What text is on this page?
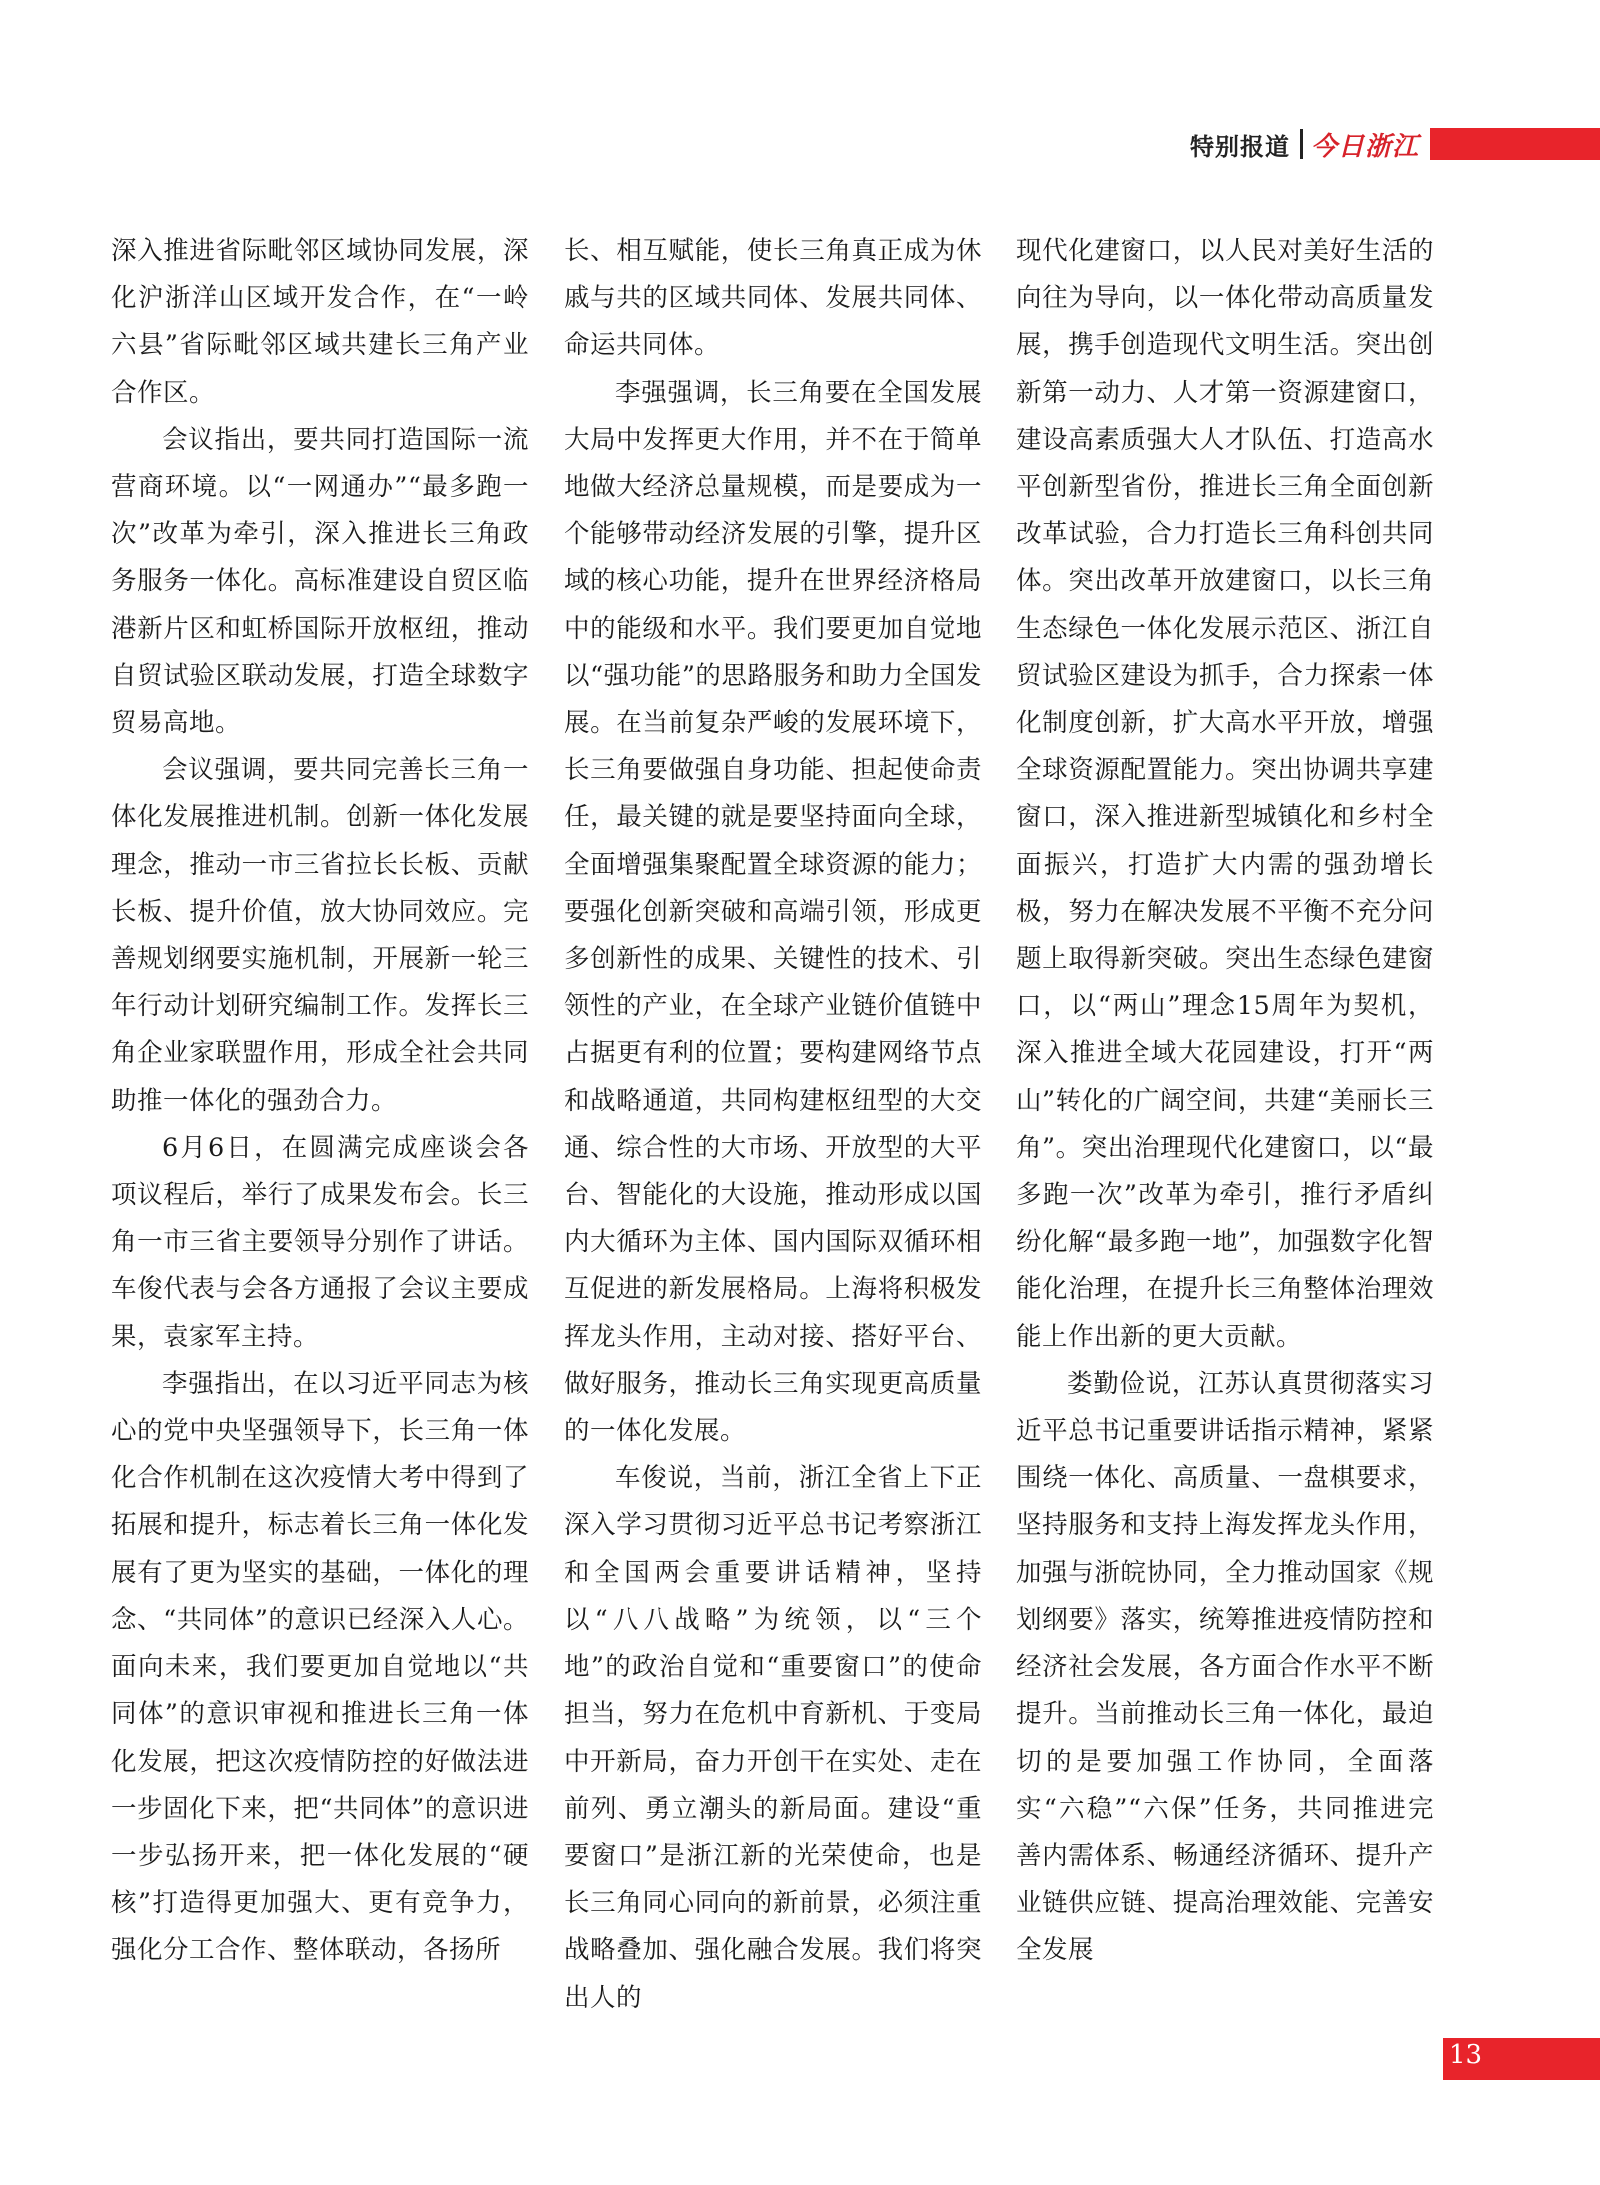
特别报道 今日浙江

深入推进省际毗邻区域协同发展，深化沪浙洋山区域开发合作，在“一岭六县”省际毗邻区域共建长三角产业合作区。

会议指出，要共同打造国际一流营商环境。以“一网通办”“最多跑一次”改革为牵引，深入推进长三角政务服务一体化。高标准建设自贸区临港新片区和虹桥国际开放枢纽，推动自贸试验区联动发展，打造全球数字贸易高地。

会议强调，要共同完善长三角一体化发展推进机制。创新一体化发展理念，推动一市三省拉长长板、贡献长板、提升价值，放大协同效应。完善规划纲要实施机制，开展新一轮三年行动计划研究编制工作。发挥长三角企业家联盟作用，形成全社会共同助推一体化的强劲合力。

6月6日，在圆满完成座谈会各项议程后，举行了成果发布会。长三角一市三省主要领导分别作了讲话。车俊代表与会各方通报了会议主要成果，袁家军主持。

李强指出，在以习近平同志为核心的党中央坚强领导下，长三角一体化合作机制在这次疫情大考中得到了拓展和提升，标志着长三角一体化发展有了更为坚实的基础，一体化的理念、“共同体”的意识已经深入人心。面向未来，我们要更加自觉地以“共同体”的意识审视和推进长三角一体化发展，把这次疫情防控的好做法进一步固化下来，把“共同体”的意识进一步弘扬开来，把一体化发展的“硬核”打造得更加强大、更有竞争力，强化分工合作、整体联动，各扬所

长、相互赋能，使长三角真正成为休戚与共的区域共同体、发展共同体、命运共同体。

李强强调，长三角要在全国发展大局中发挥更大作用，并不在于简单地做大经济总量规模，而是要成为一个能够带动经济发展的引擎，提升区域的核心功能，提升在世界经济格局中的能级和水平。我们要更加自觉地以“强功能”的思路服务和助力全国发展。在当前复杂严峻的发展环境下，长三角要做强自身功能、担起使命责任，最关键的就是要坚持面向全球，全面增强集聚配置全球资源的能力；要强化创新突破和高端引领，形成更多创新性的成果、关键性的技术、引领性的产业，在全球产业链价值链中占据更有利的位置；要构建网络节点和战略通道，共同构建枢纽型的大交通、综合性的大市场、开放型的大平台、智能化的大设施，推动形成以国内大循环为主体、国内国际双循环相互促进的新发展格局。上海将积极发挥龙头作用，主动对接、搭好平台、做好服务，推动长三角实现更高质量的一体化发展。

车俊说，当前，浙江全省上下正深入学习贯彻习近平总书记考察浙江和全国两会重要讲话精神，坚持以“八八战略”为统领，以“三个地”的政治自觉和“重要窗口”的使命担当，努力在危机中育新机、于变局中开新局，奋力开创干在实处、走在前列、勇立潮头的新局面。建设“重要窗口”是浙江新的光荣使命，也是长三角同心同向的新前景，必须注重战略叠加、强化融合发展。我们将突出人的

现代化建窗口，以人民对美好生活的向往为导向，以一体化带动高质量发展，携手创造现代文明生活。突出创新第一动力、人才第一资源建窗口，建设高素质强大人才队伍、打造高水平创新型省份，推进长三角全面创新改革试验，合力打造长三角科创共同体。突出改革开放建窗口，以长三角生态绿色一体化发展示范区、浙江自贸试验区建设为抓手，合力探索一体化制度创新，扩大高水平开放，增强全球资源配置能力。突出协调共享建窗口，深入推进新型城镇化和乡村全面振兴，打造扩大内需的强劲增长极，努力在解决发展不平衡不充分问题上取得新突破。突出生态绿色建窗口，以“两山”理念15周年为契机，深入推进全域大花园建设，打开“两山”转化的广阔空间，共建“美丽长三角”。突出治理现代化建窗口，以“最多跑一次”改革为牵引，推行矛盾纠纷化解“最多跑一地”，加强数字化智能化治理，在提升长三角整体治理效能上作出新的更大贡献。

娄勤俭说，江苏认真贯彻落实习近平总书记重要讲话指示精神，紧紧围绕一体化、高质量、一盘棋要求，坚持服务和支持上海发挥龙头作用，加强与浙皖协同，全力推动国家《规划纲要》落实，统筹推进疫情防控和经济社会发展，各方面合作水平不断提升。当前推动长三角一体化，最迫切的是要加强工作协同，全面落实“六稳”“六保”任务，共同推进完善内需体系、畅通经济循环、提升产业链供应链、提高治理效能、完善安全发展

13
